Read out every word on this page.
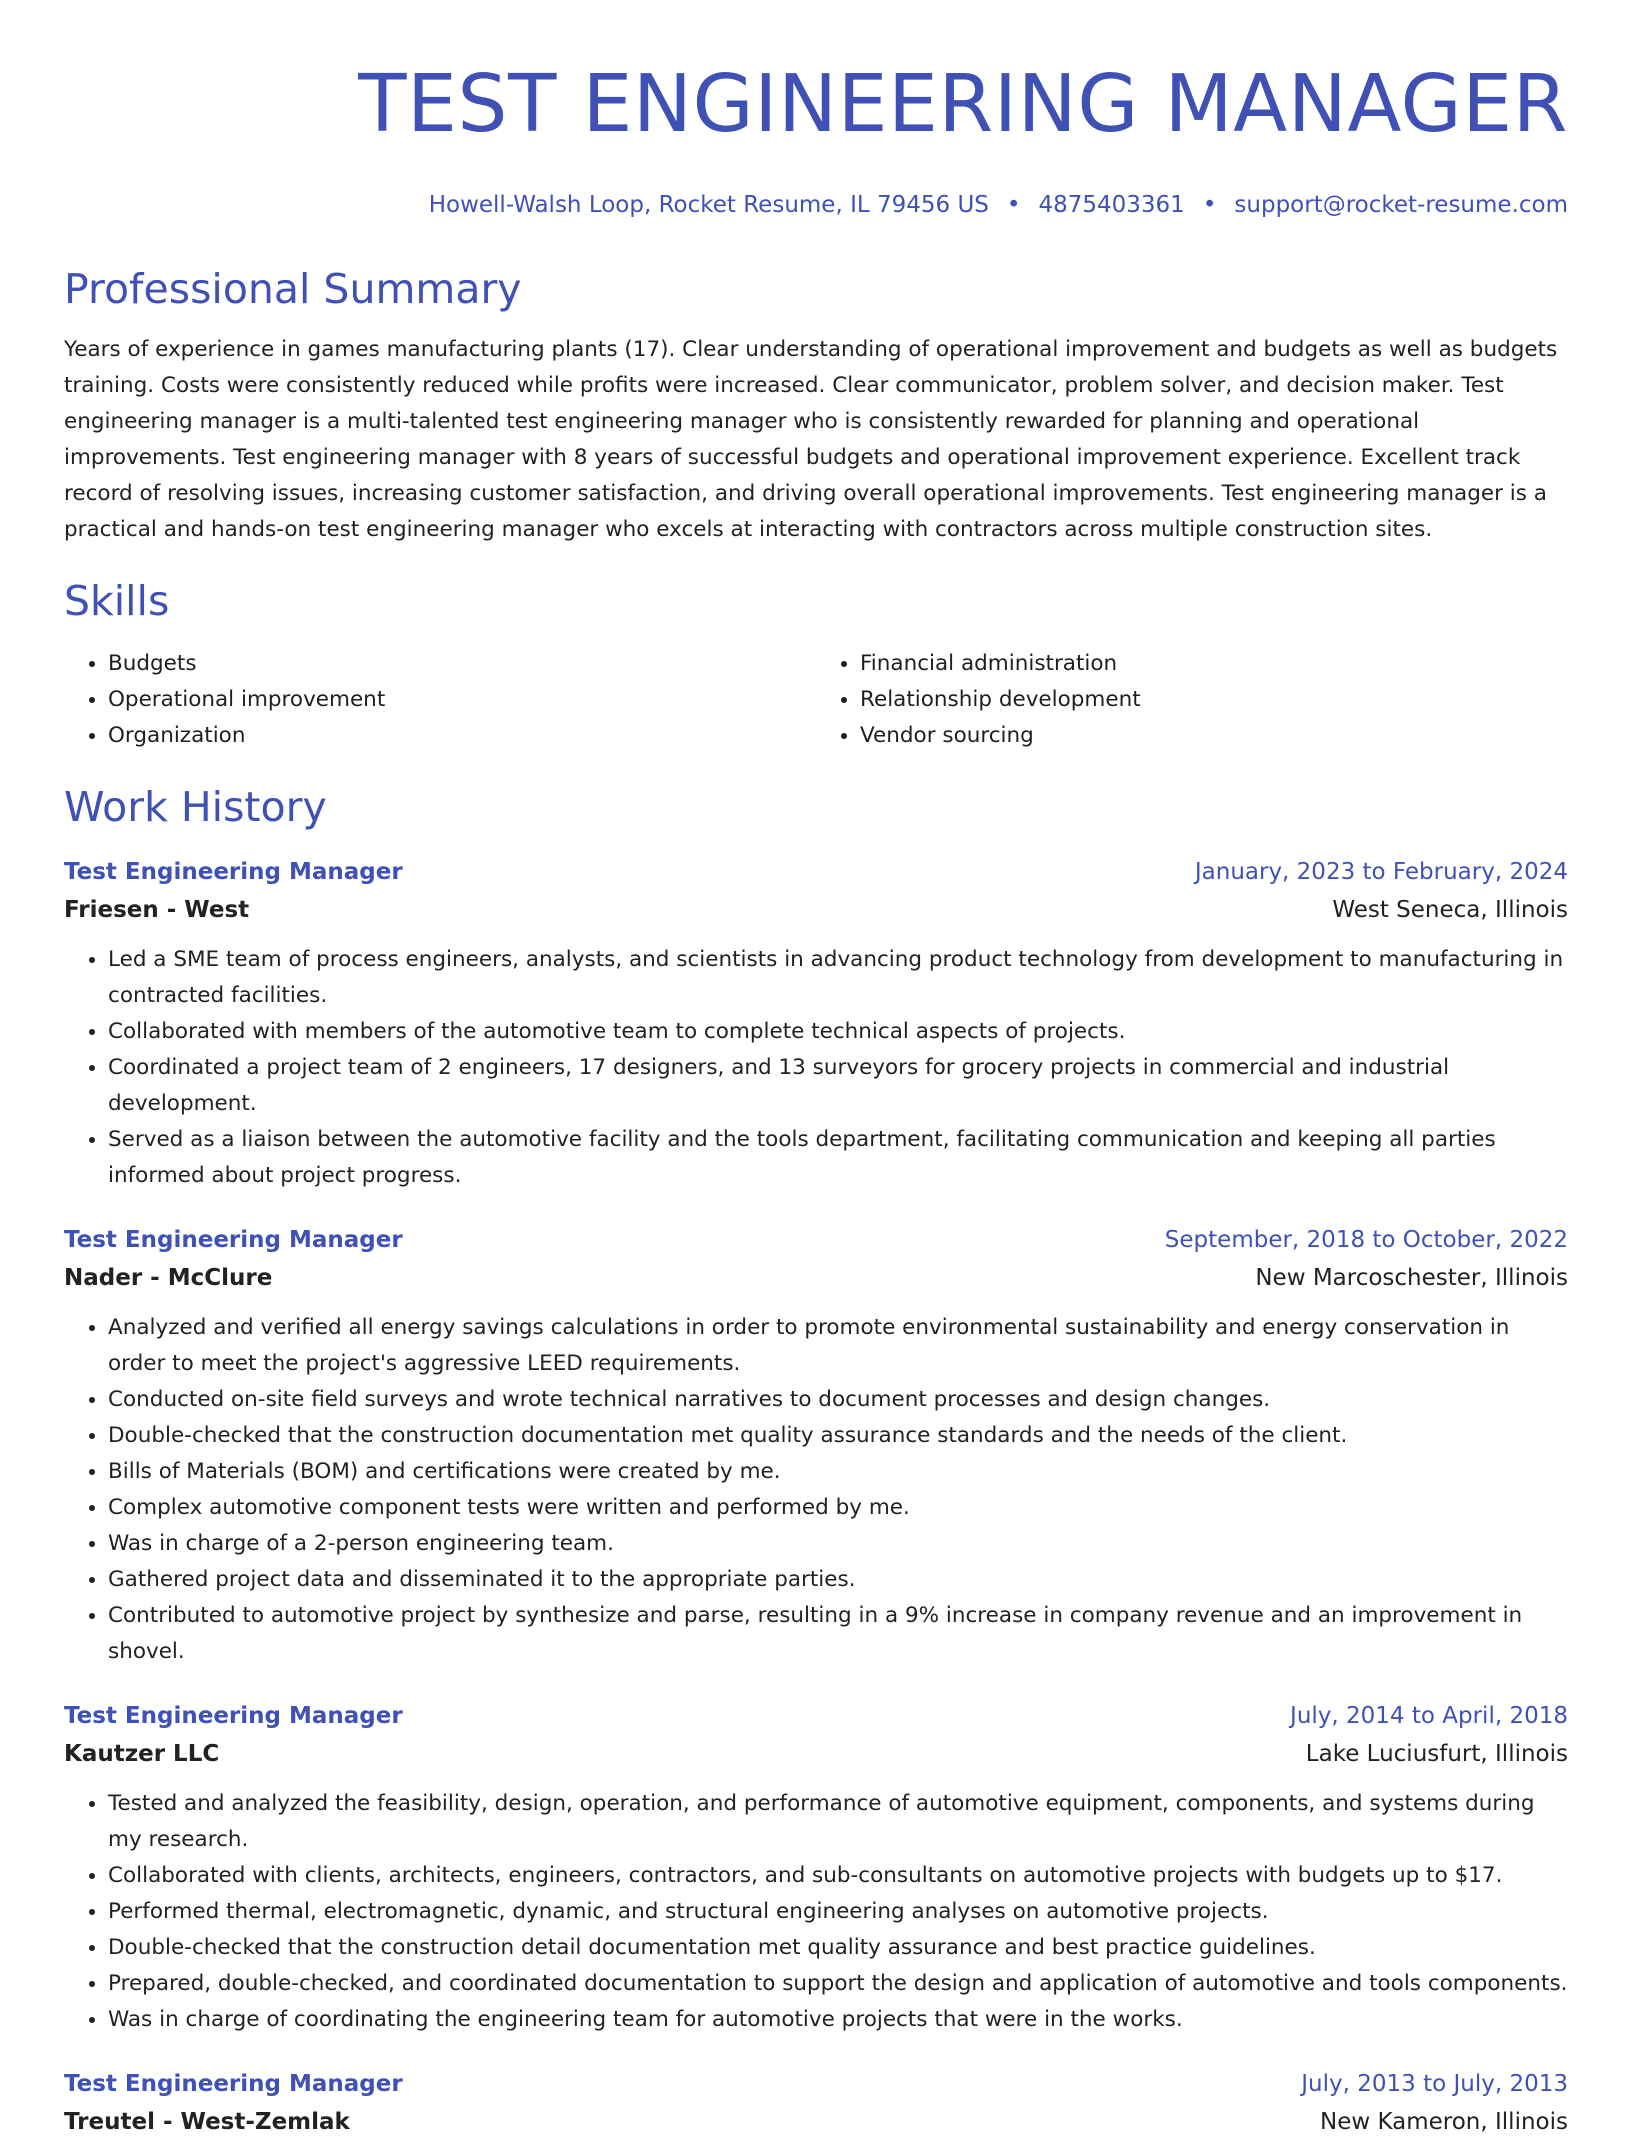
TEST ENGINEERING MANAGER
Howell-Walsh Loop, Rocket Resume, IL 79456 US • 4875403361 • support@rocket-resume.com
Professional Summary

Years of experience in games manufacturing plants (17). Clear understanding of operational improvement and budgets as well as budgets training. Costs were consistently reduced while profits were increased. Clear communicator, problem solver, and decision maker. Test engineering manager is a multi-talented test engineering manager who is consistently rewarded for planning and operational improvements. Test engineering manager with 8 years of successful budgets and operational improvement experience. Excellent track record of resolving issues, increasing customer satisfaction, and driving overall operational improvements. Test engineering manager is a practical and hands-on test engineering manager who excels at interacting with contractors across multiple construction sites.

Skills
• Budgets
• Operational improvement
• Organization
• Financial administration
• Relationship development
• Vendor sourcing
Work History
Test Engineering Manager	January, 2023 to February, 2024
Friesen - West	West Seneca, Illinois
• Led a SME team of process engineers, analysts, and scientists in advancing product technology from development to manufacturing in contracted facilities.
• Collaborated with members of the automotive team to complete technical aspects of projects.
• Coordinated a project team of 2 engineers, 17 designers, and 13 surveyors for grocery projects in commercial and industrial development.
• Served as a liaison between the automotive facility and the tools department, facilitating communication and keeping all parties informed about project progress.
Test Engineering Manager	September, 2018 to October, 2022
Nader - McClure	New Marcoschester, Illinois
• Analyzed and verified all energy savings calculations in order to promote environmental sustainability and energy conservation in order to meet the project's aggressive LEED requirements.
• Conducted on-site field surveys and wrote technical narratives to document processes and design changes.
• Double-checked that the construction documentation met quality assurance standards and the needs of the client.
• Bills of Materials (BOM) and certifications were created by me.
• Complex automotive component tests were written and performed by me.
• Was in charge of a 2-person engineering team.
• Gathered project data and disseminated it to the appropriate parties.
• Contributed to automotive project by synthesize and parse, resulting in a 9% increase in company revenue and an improvement in shovel.
Test Engineering Manager	July, 2014 to April, 2018
Kautzer LLC	Lake Luciusfurt, Illinois
• Tested and analyzed the feasibility, design, operation, and performance of automotive equipment, components, and systems during my research.
• Collaborated with clients, architects, engineers, contractors, and sub-consultants on automotive projects with budgets up to $17.
• Performed thermal, electromagnetic, dynamic, and structural engineering analyses on automotive projects.
• Double-checked that the construction detail documentation met quality assurance and best practice guidelines.
• Prepared, double-checked, and coordinated documentation to support the design and application of automotive and tools components.
• Was in charge of coordinating the engineering team for automotive projects that were in the works.
Test Engineering Manager	July, 2013 to July, 2013
Treutel - West-Zemlak	New Kameron, Illinois
